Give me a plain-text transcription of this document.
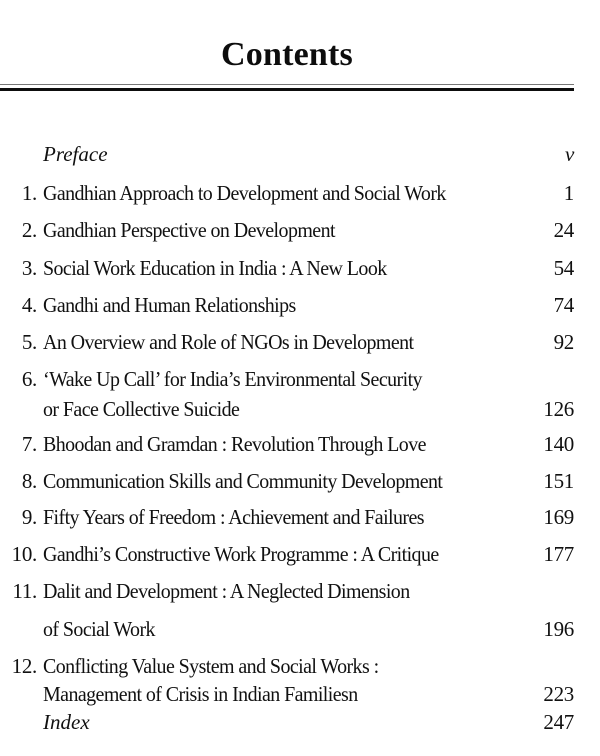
Contents
Preface	v
1. Gandhian Approach to Development and Social Work	1
2. Gandhian Perspective on Development	24
3. Social Work Education in India : A New Look	54
4. Gandhi and Human Relationships	74
5. An Overview and Role of NGOs in Development	92
6. ‘Wake Up Call’ for India’s Environmental Security
or Face Collective Suicide	126
7. Bhoodan and Gramdan : Revolution Through Love	140
8. Communication Skills and Community Development	151
9. Fifty Years of Freedom : Achievement and Failures	169
10. Gandhi’s Constructive Work Programme : A Critique	177
11. Dalit and Development : A Neglected Dimension
of Social Work	196
12. Conflicting Value System and Social Works :
Management of Crisis in Indian Familiesn	223
Index	247
